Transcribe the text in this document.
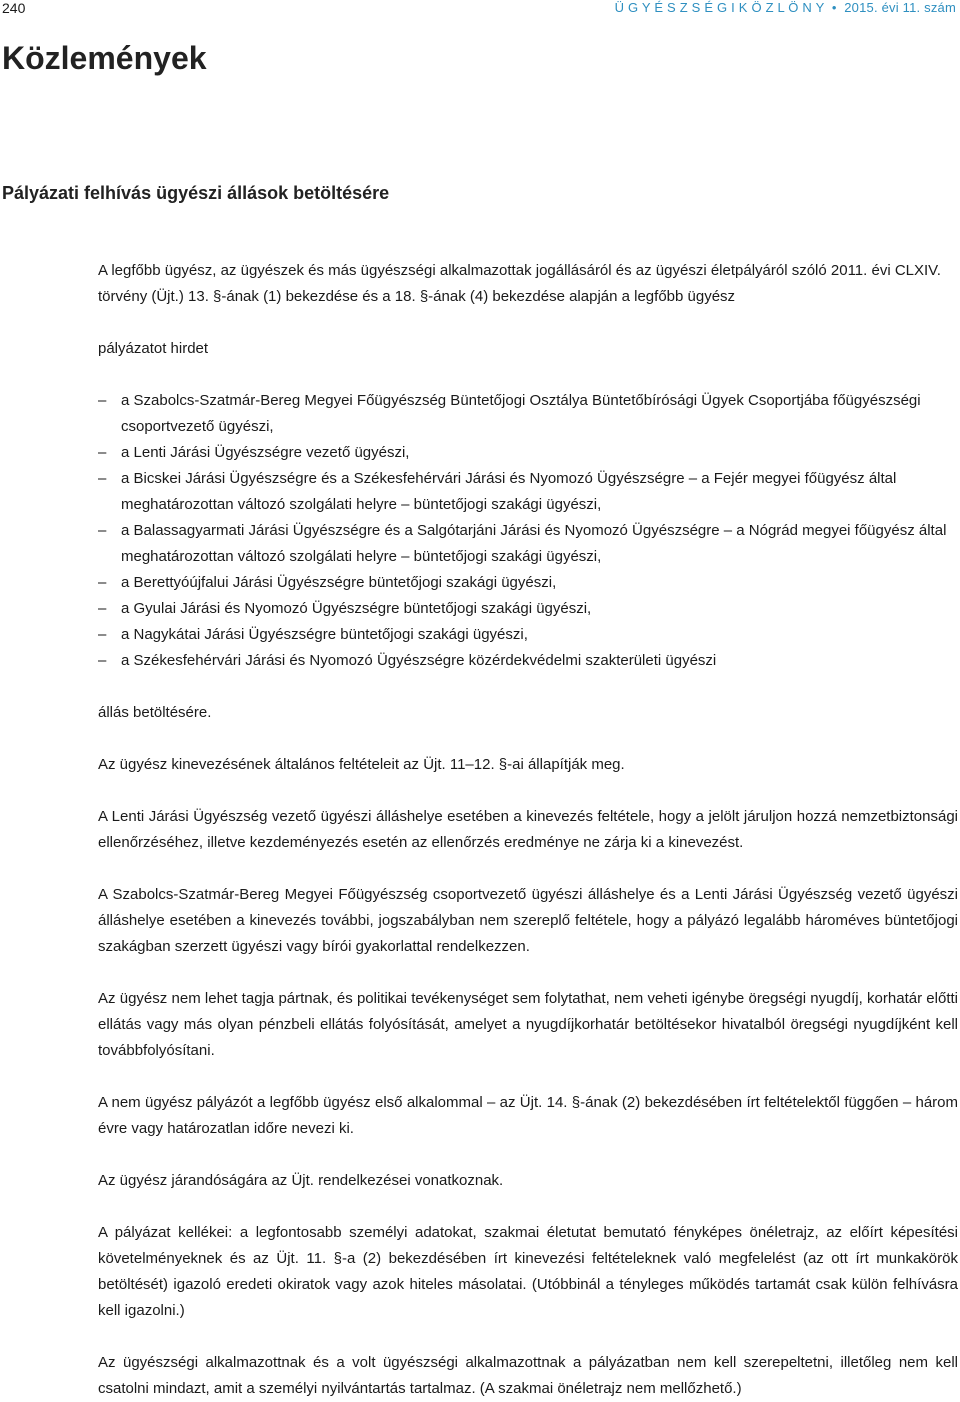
240	Ü G Y É S Z S É G I K Ö Z L Ö N Y • 2015. évi 11. szám
Közlemények
Pályázati felhívás ügyészi állások betöltésére

A legfőbb ügyész, az ügyészek és más ügyészségi alkalmazottak jogállásáról és az ügyészi életpályáról szóló 2011. évi CLXIV. törvény (Üjt.) 13. §-ának (1) bekezdése és a 18. §-ának (4) bekezdése alapján a legfőbb ügyész

pályázatot hirdet

– a Szabolcs-Szatmár-Bereg Megyei Főügyészség Büntetőjogi Osztálya Büntetőbírósági Ügyek Csoportjába főügyészségi csoportvezető ügyészi,
– a Lenti Járási Ügyészségre vezető ügyészi,
– a Bicskei Járási Ügyészségre és a Székesfehérvári Járási és Nyomozó Ügyészségre – a Fejér megyei főügyész által meghatározottan változó szolgálati helyre – büntetőjogi szakági ügyészi,
– a Balassagyarmati Járási Ügyészségre és a Salgótarjáni Járási és Nyomozó Ügyészségre – a Nógrád megyei főügyész által meghatározottan változó szolgálati helyre – büntetőjogi szakági ügyészi,
– a Berettyóújfalui Járási Ügyészségre büntetőjogi szakági ügyészi,
– a Gyulai Járási és Nyomozó Ügyészségre büntetőjogi szakági ügyészi,
– a Nagykátai Járási Ügyészségre büntetőjogi szakági ügyészi,
– a Székesfehérvári Járási és Nyomozó Ügyészségre közérdekvédelmi szakterületi ügyészi

állás betöltésére.

Az ügyész kinevezésének általános feltételeit az Üjt. 11–12. §-ai állapítják meg.

A Lenti Járási Ügyészség vezető ügyészi álláshelye esetében a kinevezés feltétele, hogy a jelölt járuljon hozzá nemzetbiztonsági ellenőrzéséhez, illetve kezdeményezés esetén az ellenőrzés eredménye ne zárja ki a kinevezést.

A Szabolcs-Szatmár-Bereg Megyei Főügyészség csoportvezető ügyészi álláshelye és a Lenti Járási Ügyészség vezető ügyészi álláshelye esetében a kinevezés további, jogszabályban nem szereplő feltétele, hogy a pályázó legalább hároméves büntetőjogi szakágban szerzett ügyészi vagy bírói gyakorlattal rendelkezzen.

Az ügyész nem lehet tagja pártnak, és politikai tevékenységet sem folytathat, nem veheti igénybe öregségi nyugdíj, korhatár előtti ellátás vagy más olyan pénzbeli ellátás folyósítását, amelyet a nyugdíjkorhatár betöltésekor hivatalból öregségi nyugdíjként kell továbbfolyósítani.

A nem ügyész pályázót a legfőbb ügyész első alkalommal – az Üjt. 14. §-ának (2) bekezdésében írt feltételektől függően – három évre vagy határozatlan időre nevezi ki.

Az ügyész járandóságára az Üjt. rendelkezései vonatkoznak.

A pályázat kellékei: a legfontosabb személyi adatokat, szakmai életutat bemutató fényképes önéletrajz, az előírt képesítési követelményeknek és az Üjt. 11. §-a (2) bekezdésében írt kinevezési feltételeknek való megfelelést (az ott írt munkakörök betöltését) igazoló eredeti okiratok vagy azok hiteles másolatai. (Utóbbinál a tényleges működés tartamát csak külön felhívásra kell igazolni.)

Az ügyészségi alkalmazottnak és a volt ügyészségi alkalmazottnak a pályázatban nem kell szerepeltetni, illetőleg nem kell csatolni mindazt, amit a személyi nyilvántartás tartalmaz. (A szakmai önéletrajz nem mellőzhető.)
